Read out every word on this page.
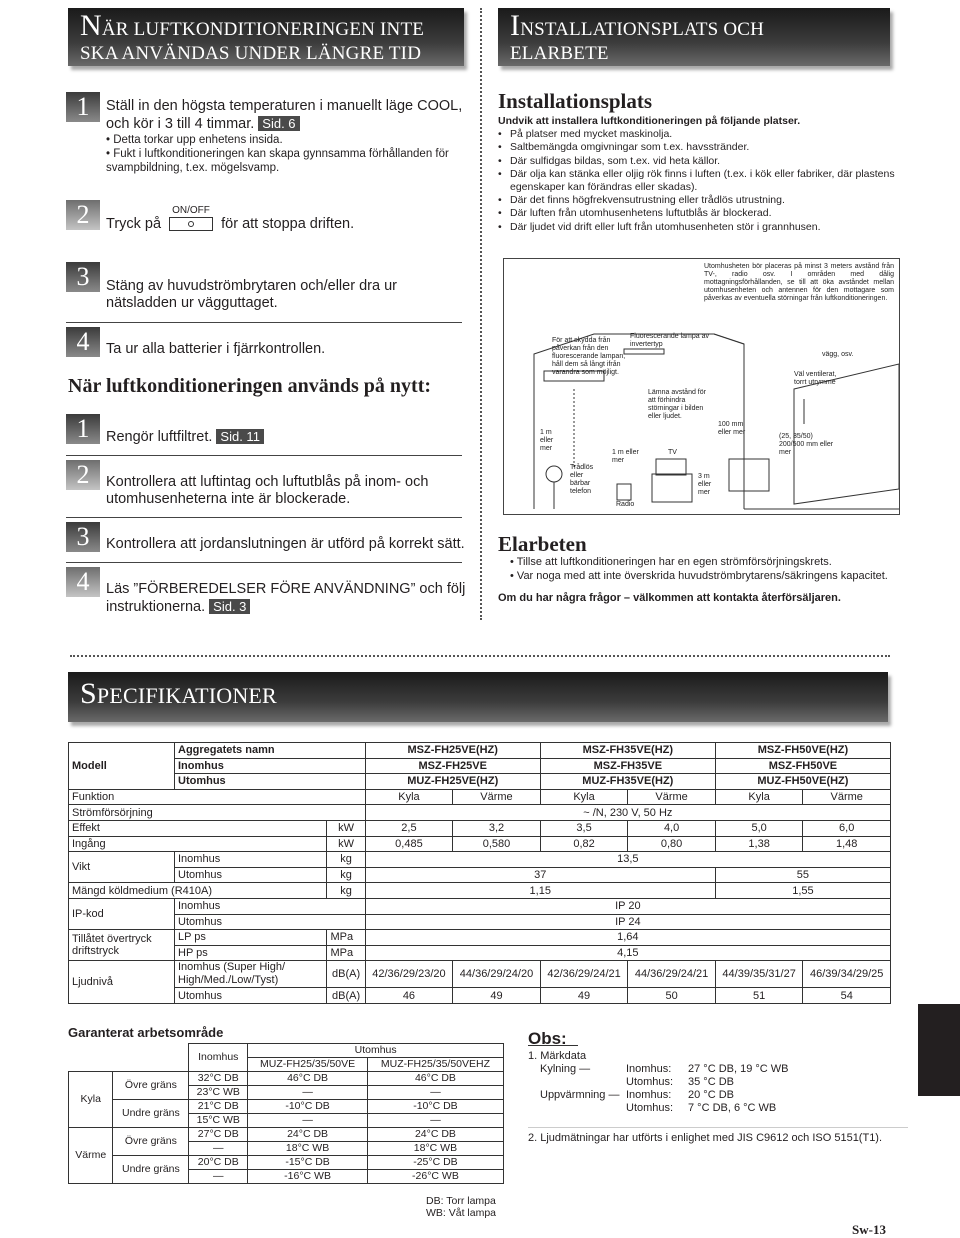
NÄR LUFTKONDITIONERINGEN INTE
SKA ANVÄNDAS UNDER LÄNGRE TID
INSTALLATIONSPLATS OCH
ELARBETE
1	Ställ in den högsta temperaturen i manuellt läge COOL, och kör i 3 till 4 timmar. Sid. 6
• Detta torkar upp enhetens insida.
• Fukt i luftkonditioneringen kan skapa gynnsamma förhållanden för svampbildning, t.ex. mögelsvamp.
2	Tryck på
ON/OFF
för att stoppa driften.
3	Stäng av huvudströmbrytaren och/eller dra ur nätsladden ur vägguttaget.
4	Ta ur alla batterier i fjärrkontrollen.
När luftkonditioneringen används på nytt:
1	Rengör luftfiltret. Sid. 11
2	Kontrollera att luftintag och luftutblås på inom- och utomhusenheterna inte är blockerade.
3	Kontrollera att jordanslutningen är utförd på korrekt sätt.
4	Läs ”FÖRBEREDELSER FÖRE ANVÄNDNING” och följ instruktionerna. Sid. 3
Installationsplats
Undvik att installera luftkonditioneringen på följande platser.
• På platser med mycket maskinolja.
• Saltbemängda omgivningar som t.ex. havsstränder.
• Där sulfidgas bildas, som t.ex. vid heta källor.
• Där olja kan stänka eller oljig rök finns i luften (t.ex. i kök eller fabriker, där plastens egenskaper kan förändras eller skadas).
• Där det finns högfrekvensutrustning eller trådlös utrustning.
• Där luften från utomhusenhetens luftutblås är blockerad.
• Där ljudet vid drift eller luft från utomhusenheten stör i grannhusen.
Utomhusheten bör placeras på minst 3 meters avstånd från TV-, radio osv. I områden med dålig mottagningsförhållanden, se till att öka avståndet mellan utomhusenheten och antennen för den mottagare som påverkas av eventuella störningar från luftkonditioneringen.
För att skydda från påverkan från den fluorescerande lampan, håll dem så långt ifrån varandra som möjligt.
Fluorescerande lampa av invertertyp
Lämna avstånd för att förhindra störningar i bilden eller ljudet.
Väl ventilerat, torrt utrymme
vägg, osv.
1 m eller mer
1 m eller mer
100 mm eller mer
(25, 35/50) 200/500 mm eller mer
3 m eller mer
Trådlös eller bärbar telefon
TV
Radio
Elarbeten
• Tillse att luftkonditioneringen har en egen strömförsörjningskrets.
• Var noga med att inte överskrida huvudströmbrytarens/säkringens kapacitet.
Om du har några frågor – välkommen att kontakta återförsäljaren.
SPECIFIKATIONER
Modell	Aggregatets namn		MSZ-FH25VE(HZ)		MSZ-FH35VE(HZ)		MSZ-FH50VE(HZ)	
	Inomhus		MSZ-FH25VE		MSZ-FH35VE		MSZ-FH50VE	
	Utomhus		MUZ-FH25VE(HZ)		MUZ-FH35VE(HZ)		MUZ-FH50VE(HZ)	
Funktion			Kyla	Värme	Kyla	Värme	Kyla	Värme
Strömförsörjning			~ /N, 230 V, 50 Hz					
Effekt		kW	2,5	3,2	3,5	4,0	5,0	6,0
Ingång		kW	0,485	0,580	0,82	0,80	1,38	1,48
Vikt	Inomhus	kg	13,5					
	Utomhus	kg	37				55	
Mängd köldmedium (R410A)		kg	1,15				1,55	
IP-kod	Inomhus		IP 20					
	Utomhus		IP 24					
Tillåtet övertryck driftstryck	LP ps	MPa	1,64					
	HP ps	MPa	4,15					
Ljudnivå	Inomhus (Super High/ High/Med./Low/Tyst)	dB(A)	42/36/29/23/20	44/36/29/24/20	42/36/29/24/21	44/36/29/24/21	44/39/35/31/27	46/39/34/29/25
	Utomhus	dB(A)	46	49	49	50	51	54
Garanterat arbetsområde
		Inomhus	Utomhus	
			MUZ-FH25/35/50VE	MUZ-FH25/35/50VEHZ
Kyla	Övre gräns	32°C DB	46°C DB	46°C DB
		23°C WB	—	—
	Undre gräns	21°C DB	-10°C DB	-10°C DB
		15°C WB	—	—
Värme	Övre gräns	27°C DB	24°C DB	24°C DB
		—	18°C WB	18°C WB
	Undre gräns	20°C DB	-15°C DB	-25°C DB
		—	-16°C WB	-26°C WB
DB: Torr lampa
WB: Våt lampa
Obs:
1. Märkdata
Kylning —	Inomhus: 27 °C DB, 19 °C WB
Utomhus: 35 °C DB
Uppvärmning — Inomhus: 20 °C DB
Utomhus: 7 °C DB, 6 °C WB
2. Ljudmätningar har utförts i enlighet med JIS C9612 och ISO 5151(T1).
Sw-13
